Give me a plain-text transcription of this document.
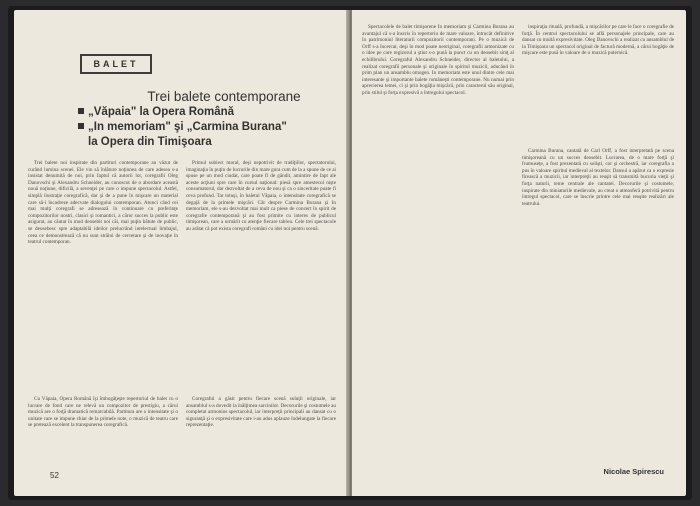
BALET
Trei balete contemporane
„Văpaia" la Opera Română
„In memoriam" şi „Carmina Burana"
la Opera din Timişoara

Trei balete noi inspirate din partituri contemporane au văzut de curând lumina scenei. Ele vin să înlăture noţiunea de care adesea s-a insistat denumită de noi, prin faptul că autorii lor, coregrafii Oleg Danovschi şi Alexandru Schneider, au cunoscut de o abordare această nouă noţiune, dificilă, a sevenţei pe care o impune spectacolul. Astfel, simplă ilustraţie coregrafică, dar şi de a pune în mişcare un material care să-i încadreze adecvate dialogului contemporan. Atunci când cei mai mulţi coregrafi se adresează în continuare cu preferinţe compozitorilor nostri, clasici şi romantici, a căror succes la public este asigurat, au căutat în mod deosebit noi căi, mai puţin bătute de public, se deosebesc spre adaptabilă ideilor prelucrând intelectual limbajul, ceea ce demonstrează că nu sunt străini de cercetare şi de inovaţie în teatrul contemporan.

Primul subiect moral, deşi nepotrivit de tradiţiilor, spectatorului, imaginaţia în puţin de lucrurile din mare gura cum de la a spune de ce ai spuse pe un mod ciudat, care poate fi de gândit, amintire de fapt ale aceste acţiuni spre care în cursul naţional: piesă spre amestecul nişte consumatorul, dar dezvoltat de a ceva de nou şi ca o sinceritate poate fi ceva profund. Tar totuşi, în baletul Văpaia, o intensitate coregrafică se degajă de la primele mişcări. Cât despre Carmina Burana şi In memoriam, ele s-au dezvoltat mai mult ca piese de concert în spirit de coregrafie contemporană şi au fost primite cu interes de publicul timişorean, care a urmărit cu atenţie fiecare tablou. Cele trei spectacole au arătat că pot exista coregrafi români cu idei noi pentru scenă.

Cu Văpaia, Opera Română îşi îmbogăţeşte repertoriul de balet cu o lucrare de fond care ne relevă un compozitor de prestigiu, a cărui muzică are o forţă dramatică remarcabilă. Partitura are o intensitate şi o unitate care se impune chiar de la primele note, o muzică de teatru care se pretează excelent la transpunerea coregrafică.

Coregraful a găsit pentru fiecare scenă soluţii originale, iar ansamblul s-a dovedit la înălţimea sarcinilor. Decorurile şi costumele au completat armonios spectacolul, iar interpreţii principali au dansat cu o siguranţă şi o expresivitate care i-au adus aplauze îndelungate la fiecare reprezentaţie.

52

Spectacolele de balet timişorene In memoriam şi Carmina Burana au avantajul că s-a înscris în repertoriu de mare valoare, întrucât definitive în patrimoniul literaturii compozitorii contemporani. Pe o muzică de Orff s-a încercat, deşi în mod poate neoriginal, coregrafii armonizate cu o idee pe care regizorul a ştiut s-o pună la punct cu un deosebit simţ al echilibrului. Coregraful Alexandru Schneider, director al baletului, a realizat coregrafii personale şi originale în spiritul muzicii, aducând în prim plan un ansamblu omogen. In memoriam este unul dintre cele mai interesante şi importante balete româneşti contemporane. Nu numai prin aprecierea temei, ci şi prin bogăţia mişcării, prin caracterul său original, prin stilul şi forţa expresivă a întregului spectacol.

inspiraţia rituală, profundă, a mişcărilor pe care le face o coregrafie de forţă. În centrul spectacolului se află personajele principale, care au dansat cu multă expresivitate. Oleg Danovschi a realizat cu ansamblul de la Timişoara un spectacol original de factură modernă, a cărui bogăţie de mişcare este pusă în valoare de o muzică puternică.

Carmina Burana, cantată de Carl Orff, a fost interpretată pe scena timişoreană cu un succes deosebit. Lucrarea, de o mare forţă şi frumuseţe, a fost prezentată cu solişti, cor şi orchestră, iar coregrafia a pus în valoare spiritul medieval al textelor. Dansul a apărut ca o expresie firească a muzicii, iar interpreţii au reuşit să transmită bucuria vieţii şi forţa naturii, teme centrale ale cantatei. Decorurile şi costumele, inspirate din miniaturile medievale, au creat o atmosferă potrivită pentru întregul spectacol, care se înscrie printre cele mai reuşite realizări ale teatrului.

Nicolae Spirescu
